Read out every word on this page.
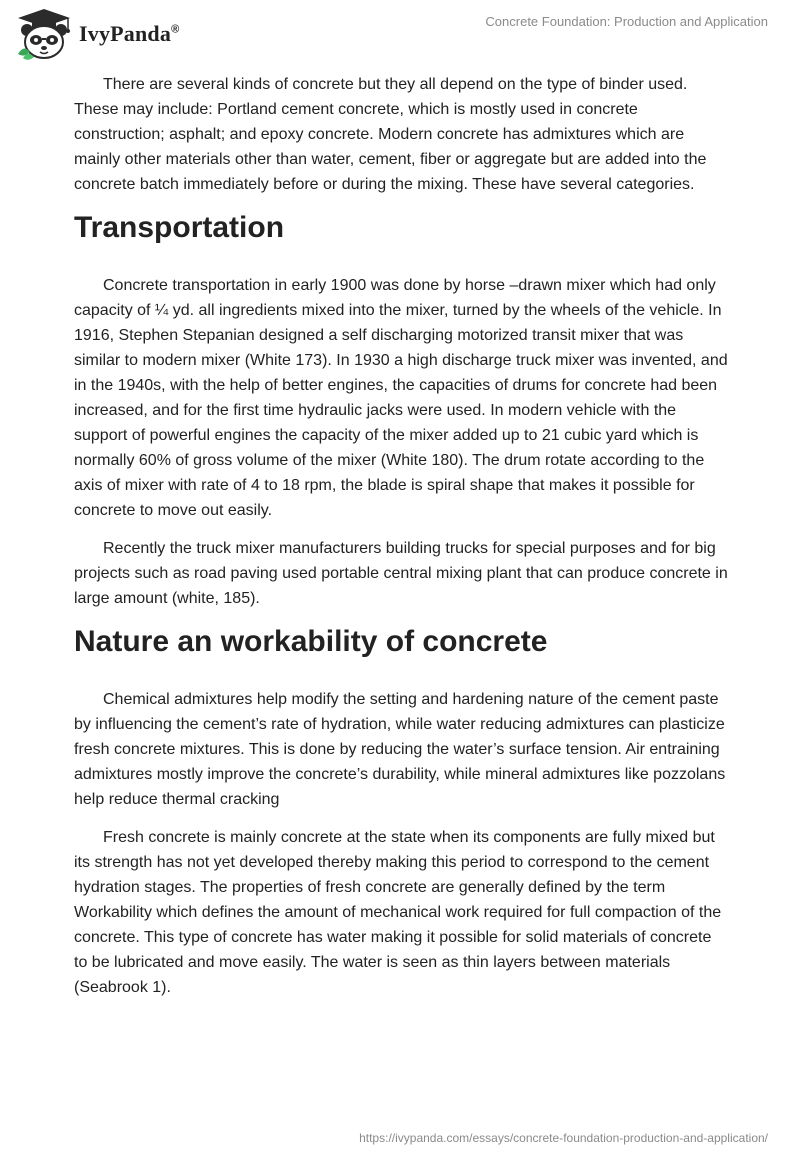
IvyPanda®
Concrete Foundation: Production and Application

There are several kinds of concrete but they all depend on the type of binder used. These may include: Portland cement concrete, which is mostly used in concrete construction; asphalt; and epoxy concrete. Modern concrete has admixtures which are mainly other materials other than water, cement, fiber or aggregate but are added into the concrete batch immediately before or during the mixing. These have several categories.

Transportation

Concrete transportation in early 1900 was done by horse –drawn mixer which had only capacity of ¼ yd. all ingredients mixed into the mixer, turned by the wheels of the vehicle. In 1916, Stephen Stepanian designed a self discharging motorized transit mixer that was similar to modern mixer (White 173). In 1930 a high discharge truck mixer was invented, and in the 1940s, with the help of better engines, the capacities of drums for concrete had been increased, and for the first time hydraulic jacks were used. In modern vehicle with the support of powerful engines the capacity of the mixer added up to 21 cubic yard which is normally 60% of gross volume of the mixer (White 180). The drum rotate according to the axis of mixer with rate of 4 to 18 rpm, the blade is spiral shape that makes it possible for concrete to move out easily.

Recently the truck mixer manufacturers building trucks for special purposes and for big projects such as road paving used portable central mixing plant that can produce concrete in large amount (white, 185).

Nature an workability of concrete

Chemical admixtures help modify the setting and hardening nature of the cement paste by influencing the cement’s rate of hydration, while water reducing admixtures can plasticize fresh concrete mixtures. This is done by reducing the water’s surface tension. Air entraining admixtures mostly improve the concrete’s durability, while mineral admixtures like pozzolans help reduce thermal cracking

Fresh concrete is mainly concrete at the state when its components are fully mixed but its strength has not yet developed thereby making this period to correspond to the cement hydration stages. The properties of fresh concrete are generally defined by the term Workability which defines the amount of mechanical work required for full compaction of the concrete. This type of concrete has water making it possible for solid materials of concrete to be lubricated and move easily. The water is seen as thin layers between materials (Seabrook 1).

https://ivypanda.com/essays/concrete-foundation-production-and-application/
